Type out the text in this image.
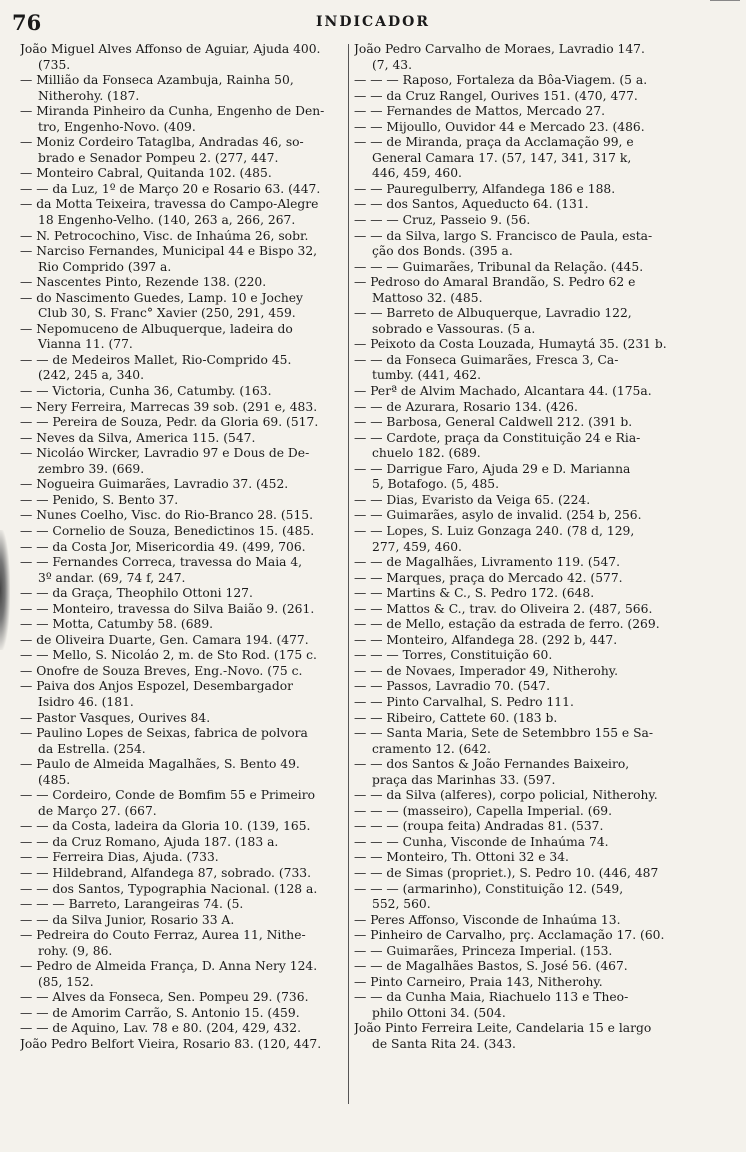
76	INDICADOR
João Miguel Alves Affonso de Aguiar, Ajuda 400.
(735.
— Millião da Fonseca Azambuja, Rainha 50,
Nitherohy. (187.
— Miranda Pinheiro da Cunha, Engenho de Den-
tro, Engenho-Novo. (409.
— Moniz Cordeiro Tataglba, Andradas 46, so-
brado e Senador Pompeu 2. (277, 447.
— Monteiro Cabral, Quitanda 102. (485.
— — da Luz, 1º de Março 20 e Rosario 63. (447.
— da Motta Teixeira, travessa do Campo-Alegre
18 Engenho-Velho. (140, 263 a, 266, 267.
— N. Petrocochino, Visc. de Inhaúma 26, sobr.
— Narciso Fernandes, Municipal 44 e Bispo 32,
Rio Comprido (397 a.
— Nascentes Pinto, Rezende 138. (220.
— do Nascimento Guedes, Lamp. 10 e Jochey
Club 30, S. Franc° Xavier (250, 291, 459.
— Nepomuceno de Albuquerque, ladeira do
Vianna 11. (77.
— — de Medeiros Mallet, Rio-Comprido 45.
(242, 245 a, 340.
— — Victoria, Cunha 36, Catumby. (163.
— Nery Ferreira, Marrecas 39 sob. (291 e, 483.
— — Pereira de Souza, Pedr. da Gloria 69. (517.
— Neves da Silva, America 115. (547.
— Nicoláo Wircker, Lavradio 97 e Dous de De-
zembro 39. (669.
— Nogueira Guimarães, Lavradio 37. (452.
— — Penido, S. Bento 37.
— Nunes Coelho, Visc. do Rio-Branco 28. (515.
— — Cornelio de Souza, Benedictinos 15. (485.
— — da Costa Jor, Misericordia 49. (499, 706.
— — Fernandes Correca, travessa do Maia 4,
3º andar. (69, 74 f, 247.
— — da Graça, Theophilo Ottoni 127.
— — Monteiro, travessa do Silva Baião 9. (261.
— — Motta, Catumby 58. (689.
— de Oliveira Duarte, Gen. Camara 194. (477.
— — Mello, S. Nicoláo 2, m. de Sto Rod. (175 c.
— Onofre de Souza Breves, Eng.-Novo. (75 c.
— Paiva dos Anjos Espozel, Desembargador
Isidro 46. (181.
— Pastor Vasques, Ourives 84.
— Paulino Lopes de Seixas, fabrica de polvora
da Estrella. (254.
— Paulo de Almeida Magalhães, S. Bento 49.
(485.
— — Cordeiro, Conde de Bomfim 55 e Primeiro
de Março 27. (667.
— — da Costa, ladeira da Gloria 10. (139, 165.
— — da Cruz Romano, Ajuda 187. (183 a.
— — Ferreira Dias, Ajuda. (733.
— — Hildebrand, Alfandega 87, sobrado. (733.
— — dos Santos, Typographia Nacional. (128 a.
— — — Barreto, Larangeiras 74. (5.
— — da Silva Junior, Rosario 33 A.
— Pedreira do Couto Ferraz, Aurea 11, Nithe-
rohy. (9, 86.
— Pedro de Almeida França, D. Anna Nery 124.
(85, 152.
— — Alves da Fonseca, Sen. Pompeu 29. (736.
— — de Amorim Carrão, S. Antonio 15. (459.
— — de Aquino, Lav. 78 e 80. (204, 429, 432.
João Pedro Belfort Vieira, Rosario 83. (120, 447.
João Pedro Carvalho de Moraes, Lavradio 147.
(7, 43.
— — — Raposo, Fortaleza da Bôa-Viagem. (5 a.
— — da Cruz Rangel, Ourives 151. (470, 477.
— — Fernandes de Mattos, Mercado 27.
— — Mijoullo, Ouvidor 44 e Mercado 23. (486.
— — de Miranda, praça da Acclamação 99, e
General Camara 17. (57, 147, 341, 317 k,
446, 459, 460.
— — Pauregulberry, Alfandega 186 e 188.
— — dos Santos, Aqueducto 64. (131.
— — — Cruz, Passeio 9. (56.
— — da Silva, largo S. Francisco de Paula, esta-
ção dos Bonds. (395 a.
— — — Guimarães, Tribunal da Relação. (445.
— Pedroso do Amaral Brandão, S. Pedro 62 e
Mattoso 32. (485.
— — Barreto de Albuquerque, Lavradio 122,
sobrado e Vassouras. (5 a.
— Peixoto da Costa Louzada, Humaytá 35. (231 b.
— — da Fonseca Guimarães, Fresca 3, Ca-
tumby. (441, 462.
— Perª de Alvim Machado, Alcantara 44. (175a.
— — de Azurara, Rosario 134. (426.
— — Barbosa, General Caldwell 212. (391 b.
— — Cardote, praça da Constituição 24 e Ria-
chuelo 182. (689.
— — Darrigue Faro, Ajuda 29 e D. Marianna
5, Botafogo. (5, 485.
— — Dias, Evaristo da Veiga 65. (224.
— — Guimarães, asylo de invalid. (254 b, 256.
— — Lopes, S. Luiz Gonzaga 240. (78 d, 129,
277, 459, 460.
— — de Magalhães, Livramento 119. (547.
— — Marques, praça do Mercado 42. (577.
— — Martins & C., S. Pedro 172. (648.
— — Mattos & C., trav. do Oliveira 2. (487, 566.
— — de Mello, estação da estrada de ferro. (269.
— — Monteiro, Alfandega 28. (292 b, 447.
— — — Torres, Constituição 60.
— — de Novaes, Imperador 49, Nitherohy.
— — Passos, Lavradio 70. (547.
— — Pinto Carvalhal, S. Pedro 111.
— — Ribeiro, Cattete 60. (183 b.
— — Santa Maria, Sete de Setembbro 155 e Sa-
cramento 12. (642.
— — dos Santos & João Fernandes Baixeiro,
praça das Marinhas 33. (597.
— — da Silva (alferes), corpo policial, Nitherohy.
— — — (masseiro), Capella Imperial. (69.
— — — (roupa feita) Andradas 81. (537.
— — — Cunha, Visconde de Inhaúma 74.
— — Monteiro, Th. Ottoni 32 e 34.
— — de Simas (propriet.), S. Pedro 10. (446, 487
— — — (armarinho), Constituição 12. (549,
552, 560.
— Peres Affonso, Visconde de Inhaúma 13.
— Pinheiro de Carvalho, prç. Acclamação 17. (60.
— — Guimarães, Princeza Imperial. (153.
— — de Magalhães Bastos, S. José 56. (467.
— Pinto Carneiro, Praia 143, Nitherohy.
— — da Cunha Maia, Riachuelo 113 e Theo-
philo Ottoni 34. (504.
João Pinto Ferreira Leite, Candelaria 15 e largo
de Santa Rita 24. (343.
